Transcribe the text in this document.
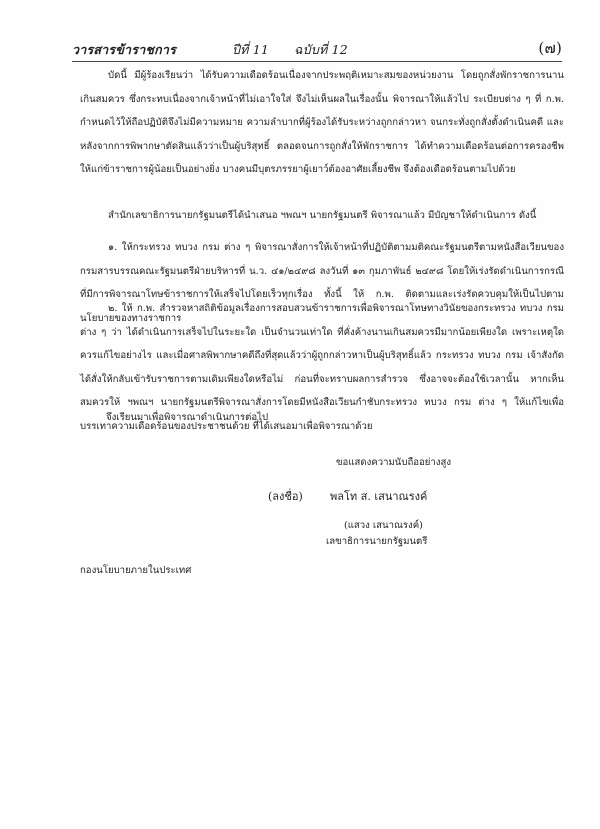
วารสารข้าราชการ	ปีที่ 11 ฉบับที่ 12	(๗)
บัดนี้ มีผู้ร้องเรียนว่า ได้รับความเดือดร้อนเนื่องจากประพฤติเหมาะสมของหน่วยงาน โดยถูกสั่งพักราชการนานเกินสมควร ซึ่งกระทบเนื่องจากเจ้าหน้าที่ไม่เอาใจใส่ จึงไม่เห็นผลในเรื่องนั้น พิจารณาให้แล้วไป ระเบียบต่าง ๆ ที่ ก.พ. กำหนดไว้ให้ถือปฏิบัติจึงไม่มีความหมาย ความลำบากที่ผู้ร้องได้รับระหว่างถูกกล่าวหา จนกระทั่งถูกสั่งตั้งดำเนินคดี และหลังจากการพิพากษาตัดสินแล้วว่าเป็นผู้บริสุทธิ์ ตลอดจนการถูกสั่งให้พักราชการ ได้ทำความเดือดร้อนต่อการครองชีพให้แก่ข้าราชการผู้น้อยเป็นอย่างยิ่ง บางคนมีบุตรภรรยาผู้เยาว์ต้องอาศัยเลี้ยงชีพ จึงต้องเดือดร้อนตามไปด้วย
สำนักเลขาธิการนายกรัฐมนตรีได้นำเสนอ ฯพณฯ นายกรัฐมนตรี พิจารณาแล้ว มีบัญชาให้ดำเนินการ ดังนี้
๑. ให้กระทรวง ทบวง กรม ต่าง ๆ พิจารณาสั่งการให้เจ้าหน้าที่ปฏิบัติตามมติคณะรัฐมนตรีตามหนังสือเวียนของกรมสารบรรณคณะรัฐมนตรีฝ่ายบริหารที่ น.ว. ๔๑/๒๔๙๘ ลงวันที่ ๑๓ กุมภาพันธ์ ๒๔๙๘ โดยให้เร่งรัดดำเนินการกรณีที่มีการพิจารณาโทษข้าราชการให้เสร็จไปโดยเร็วทุกเรื่อง ทั้งนี้ ให้ ก.พ. ติดตามและเร่งรัดควบคุมให้เป็นไปตามนโยบายของทางราชการ
๒. ให้ ก.พ. สำรวจหาสถิติข้อมูลเรื่องการสอบสวนข้าราชการเพื่อพิจารณาโทษทางวินัยของกระทรวง ทบวง กรม ต่าง ๆ ว่า ได้ดำเนินการเสร็จไปในระยะใด เป็นจำนวนเท่าใด ที่คั่งค้างนานเกินสมควรมีมากน้อยเพียงใด เพราะเหตุใด ควรแก้ไขอย่างไร และเมื่อศาลพิพากษาคดีถึงที่สุดแล้วว่าผู้ถูกกล่าวหาเป็นผู้บริสุทธิ์แล้ว กระทรวง ทบวง กรม เจ้าสังกัดได้สั่งให้กลับเข้ารับราชการตามเดิมเพียงใดหรือไม่ ก่อนที่จะทราบผลการสำรวจ ซึ่งอาจจะต้องใช้เวลานั้น หากเห็นสมควรให้ ฯพณฯ นายกรัฐมนตรีพิจารณาสั่งการโดยมีหนังสือเวียนกำชับกระทรวง ทบวง กรม ต่าง ๆ ให้แก้ไขเพื่อบรรเทาความเดือดร้อนของประชาชนด้วย ที่ได้เสนอมาเพื่อพิจารณาด้วย
จึงเรียนมาเพื่อพิจารณาดำเนินการต่อไป
ขอแสดงความนับถืออย่างสูง
(ลงชื่อ) พลโท ส. เสนาณรงค์
(แสวง เสนาณรงค์)
เลขาธิการนายกรัฐมนตรี
กองนโยบายภายในประเทศ
